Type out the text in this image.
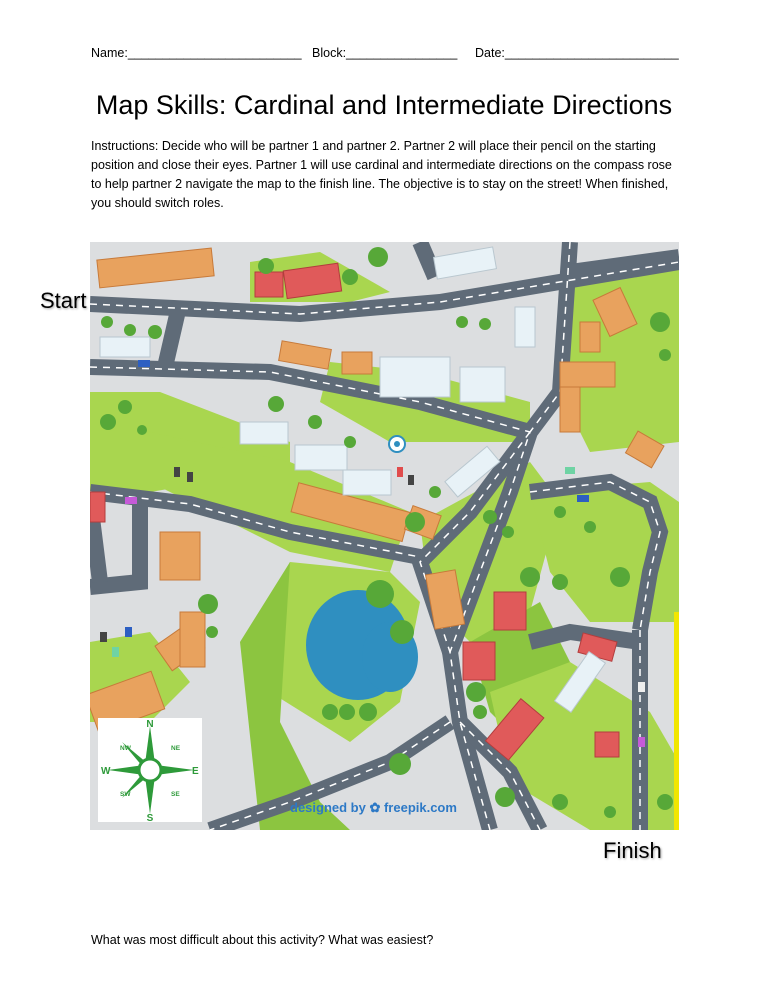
Name:_________________________ Block:________________ Date:_________________________
Map Skills: Cardinal and Intermediate Directions
Instructions: Decide who will be partner 1 and partner 2. Partner 2 will place their pencil on the starting position and close their eyes. Partner 1 will use cardinal and intermediate directions on the compass rose to help partner 2 navigate the map to the finish line. The objective is to stay on the street! When finished, you should switch roles.
Start
N
S
W	E
NW	NE
SW	SE
designed by ✿ freepik.com
Finish
What was most difficult about this activity? What was easiest?
